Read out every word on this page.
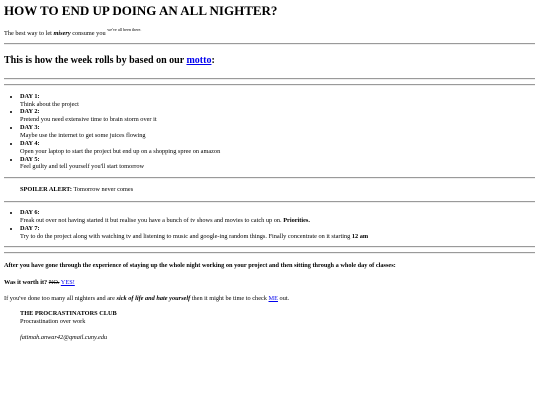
HOW TO END UP DOING AN ALL NIGHTER?

The best way to let misery consume you $^{we've all been there.}$

This is how the week rolls by based on our motto:
• DAY 1:
Think about the project
• DAY 2:
Pretend you need extensive time to brain storm over it
• DAY 3:
Maybe use the internet to get some juices flowing
• DAY 4:
Open your laptop to start the project but end up on a shopping spree on amazon
• DAY 5:
Feel guilty and tell yourself you'll start tomorrow

SPOILER ALERT: Tomorrow never comes

• DAY 6:
Freak out over not having started it but realise you have a bunch of tv shows and movies to catch up on. Priorities.
• DAY 7:
Try to do the project along with watching tv and listening to music and google-ing random things. Finally concentrate on it starting 12 am

After you have gone through the experience of staying up the whole night working on your project and then sitting through a whole day of classes:

Was it worth it? NO. YES!

If you've done too many all nighters and are sick of life and hate yourself then it might be time to check ME out.

THE PROCRASTINATORS CLUB
Procrastination over work
fatimah.anwar42@qmail.cuny.edu
